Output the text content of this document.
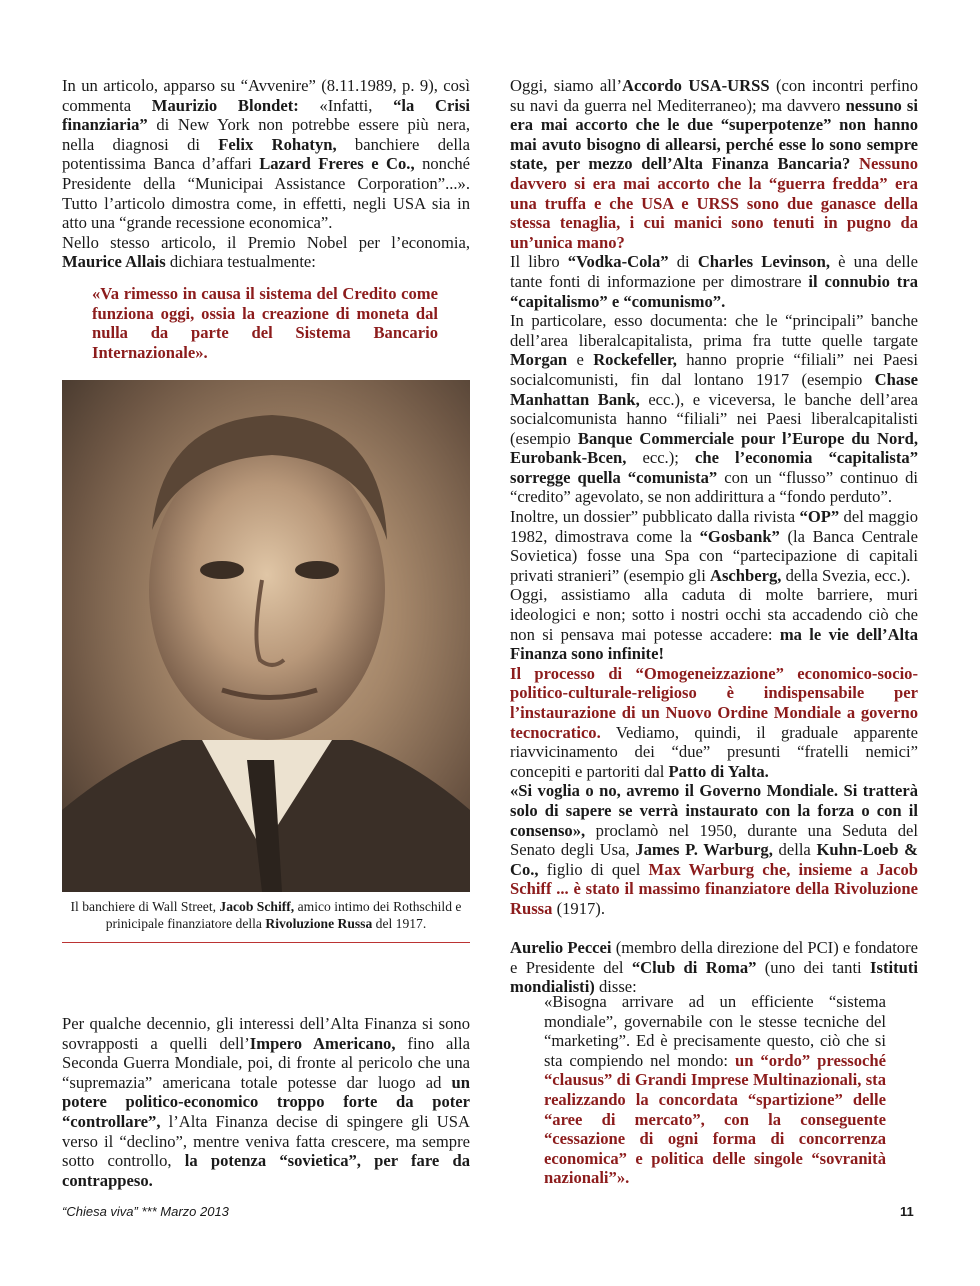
In un articolo, apparso su “Avvenire” (8.11.1989, p. 9), così commenta Maurizio Blondet: «Infatti, “la Crisi finanziaria” di New York non potrebbe essere più nera, nella diagnosi di Felix Rohatyn, banchiere della potentissima Banca d’affari Lazard Freres e Co., nonché Presidente della “Municipai Assistance Corporation”...». Tutto l’articolo dimostra come, in effetti, negli USA sia in atto una “grande recessione economica”.

Nello stesso articolo, il Premio Nobel per l’economia, Maurice Allais dichiara testualmente:

«Va rimesso in causa il sistema del Credito come funziona oggi, ossia la creazione di moneta dal nulla da parte del Sistema Bancario Internazionale».

Il banchiere di Wall Street, Jacob Schiff, amico intimo dei Rothschild e prinicipale finanziatore della Rivoluzione Russa del 1917.

Per qualche decennio, gli interessi dell’Alta Finanza si sono sovrapposti a quelli dell’Impero Americano, fino alla Seconda Guerra Mondiale, poi, di fronte al pericolo che una “supremazia” americana totale potesse dar luogo ad un potere politico-economico troppo forte da poter “controllare”, l’Alta Finanza decise di spingere gli USA verso il “declino”, mentre veniva fatta crescere, ma sempre sotto controllo, la potenza “sovietica”, per fare da contrappeso.

Oggi, siamo all’Accordo USA-URSS (con incontri perfino su navi da guerra nel Mediterraneo); ma davvero nessuno si era mai accorto che le due “superpotenze” non hanno mai avuto bisogno di allearsi, perché esse lo sono sempre state, per mezzo dell’Alta Finanza Bancaria? Nessuno davvero si era mai accorto che la “guerra fredda” era una truffa e che USA e URSS sono due ganasce della stessa tenaglia, i cui manici sono tenuti in pugno da un’unica mano?

Il libro “Vodka-Cola” di Charles Levinson, è una delle tante fonti di informazione per dimostrare il connubio tra “capitalismo” e “comunismo”.

In particolare, esso documenta: che le “principali” banche dell’area liberalcapitalista, prima fra tutte quelle targate Morgan e Rockefeller, hanno proprie “filiali” nei Paesi socialcomunisti, fin dal lontano 1917 (esempio Chase Manhattan Bank, ecc.), e viceversa, le banche dell’area socialcomunista hanno “filiali” nei Paesi liberalcapitalisti (esempio Banque Commerciale pour l’Europe du Nord, Eurobank-Bcen, ecc.); che l’economia “capitalista” sorregge quella “comunista” con un “flusso” continuo di “credito” agevolato, se non addirittura a “fondo perduto”.

Inoltre, un dossier” pubblicato dalla rivista “OP” del maggio 1982, dimostrava come la “Gosbank” (la Banca Centrale Sovietica) fosse una Spa con “partecipazione di capitali privati stranieri” (esempio gli Aschberg, della Svezia, ecc.).

Oggi, assistiamo alla caduta di molte barriere, muri ideologici e non; sotto i nostri occhi sta accadendo ciò che non si pensava mai potesse accadere: ma le vie dell’Alta Finanza sono infinite!

Il processo di “Omogeneizzazione” economico-socio-politico-culturale-religioso è indispensabile per l’instaurazione di un Nuovo Ordine Mondiale a governo tecnocratico. Vediamo, quindi, il graduale apparente riavvicinamento dei “due” presunti “fratelli nemici” concepiti e partoriti dal Patto di Yalta.

«Si voglia o no, avremo il Governo Mondiale. Si tratterà solo di sapere se verrà instaurato con la forza o con il consenso», proclamò nel 1950, durante una Seduta del Senato degli Usa, James P. Warburg, della Kuhn-Loeb & Co., figlio di quel Max Warburg che, insieme a Jacob Schiff ... è stato il massimo finanziatore della Rivoluzione Russa (1917).

Aurelio Peccei (membro della direzione del PCI) e fondatore e Presidente del “Club di Roma” (uno dei tanti Istituti mondialisti) disse:

«Bisogna arrivare ad un efficiente “sistema mondiale”, governabile con le stesse tecniche del “marketing”. Ed è precisamente questo, ciò che si sta compiendo nel mondo: un “ordo” pressoché “clausus” di Grandi Imprese Multinazionali, sta realizzando la concordata “spartizione” delle “aree di mercato”, con la conseguente “cessazione di ogni forma di concorrenza economica” e politica delle singole “sovranità nazionali”».

“Chiesa viva” *** Marzo 2013	11
